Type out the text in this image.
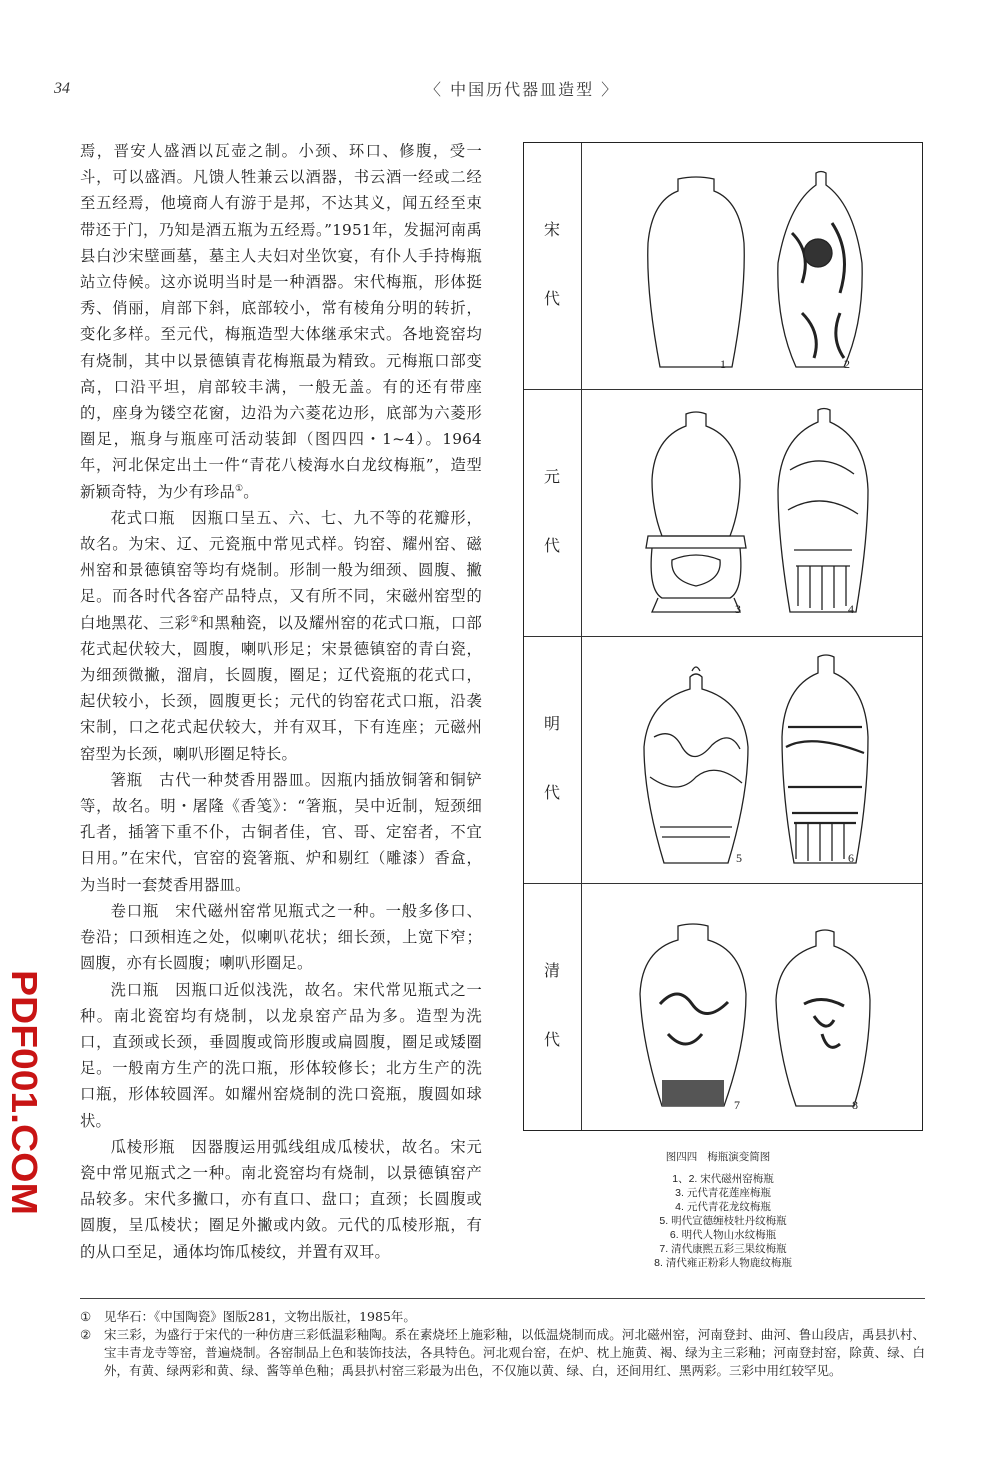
34	〈 中国历代器皿造型 〉

焉，晋安人盛酒以瓦壶之制。小颈、环口、修腹，受一斗，可以盛酒。凡馈人牲兼云以酒器，书云酒一经或二经至五经焉，他境商人有游于是邦，不达其义，闻五经至束带还于门，乃知是酒五瓶为五经焉。”1951年，发掘河南禹县白沙宋壁画墓，墓主人夫妇对坐饮宴，有仆人手持梅瓶站立侍候。这亦说明当时是一种酒器。宋代梅瓶，形体挺秀、俏丽，肩部下斜，底部较小，常有棱角分明的转折，变化多样。至元代，梅瓶造型大体继承宋式。各地瓷窑均有烧制，其中以景德镇青花梅瓶最为精致。元梅瓶口部变高，口沿平坦，肩部较丰满，一般无盖。有的还有带座的，座身为镂空花窗，边沿为六菱花边形，底部为六菱形圈足，瓶身与瓶座可活动装卸（图四四・1~4）。1964年，河北保定出土一件“青花八棱海水白龙纹梅瓶”，造型新颖奇特，为少有珍品①。

花式口瓶　因瓶口呈五、六、七、九不等的花瓣形，故名。为宋、辽、元瓷瓶中常见式样。钧窑、耀州窑、磁州窑和景德镇窑等均有烧制。形制一般为细颈、圆腹、撇足。而各时代各窑产品特点，又有所不同，宋磁州窑型的白地黑花、三彩②和黑釉瓷，以及耀州窑的花式口瓶，口部花式起伏较大，圆腹，喇叭形足；宋景德镇窑的青白瓷，为细颈微撇，溜肩，长圆腹，圈足；辽代瓷瓶的花式口，起伏较小，长颈，圆腹更长；元代的钧窑花式口瓶，沿袭宋制，口之花式起伏较大，并有双耳，下有连座；元磁州窑型为长颈，喇叭形圈足特长。

箸瓶　古代一种焚香用器皿。因瓶内插放铜箸和铜铲等，故名。明・屠隆《香笺》：“箸瓶，吴中近制，短颈细孔者，插箸下重不仆，古铜者佳，官、哥、定窑者，不宜日用。”在宋代，官窑的瓷箸瓶、炉和剔红（雕漆）香盒，为当时一套焚香用器皿。

卷口瓶　宋代磁州窑常见瓶式之一种。一般多侈口、卷沿；口颈相连之处，似喇叭花状；细长颈，上宽下窄；圆腹，亦有长圆腹；喇叭形圈足。

洗口瓶　因瓶口近似浅洗，故名。宋代常见瓶式之一种。南北瓷窑均有烧制，以龙泉窑产品为多。造型为洗口，直颈或长颈，垂圆腹或筒形腹或扁圆腹，圈足或矮圈足。一般南方生产的洗口瓶，形体较修长；北方生产的洗口瓶，形体较圆浑。如耀州窑烧制的洗口瓷瓶，腹圆如球状。

瓜棱形瓶　因器腹运用弧线组成瓜棱状，故名。宋元瓷中常见瓶式之一种。南北瓷窑均有烧制，以景德镇窑产品较多。宋代多撇口，亦有直口、盘口；直颈；长圆腹或圆腹，呈瓜棱状；圈足外撇或内敛。元代的瓜棱形瓶，有的从口至足，通体均饰瓜棱纹，并置有双耳。

宋
代
1	2
元
代
3	4
明
代
5	6
清
代
7	8
图四四 梅瓶演变简图
1、2. 宋代磁州窑梅瓶
3. 元代青花莲座梅瓶
4. 元代青花龙纹梅瓶
5. 明代宣德缠枝牡丹纹梅瓶
6. 明代人物山水纹梅瓶
7. 清代康熙五彩三果纹梅瓶
8. 清代雍正粉彩人物鹿纹梅瓶

① 见华石：《中国陶瓷》图版281，文物出版社，1985年。

② 宋三彩，为盛行于宋代的一种仿唐三彩低温彩釉陶。系在素烧坯上施彩釉，以低温烧制而成。河北磁州窑，河南登封、曲河、鲁山段店，禹县扒村、宝丰青龙寺等窑，普遍烧制。各窑制品上色和装饰技法，各具特色。河北观台窑，在炉、枕上施黄、褐、绿为主三彩釉；河南登封窑，除黄、绿、白外，有黄、绿两彩和黄、绿、酱等单色釉；禹县扒村窑三彩最为出色，不仅施以黄、绿、白，还间用红、黑两彩。三彩中用红较罕见。

PDF001.COM
